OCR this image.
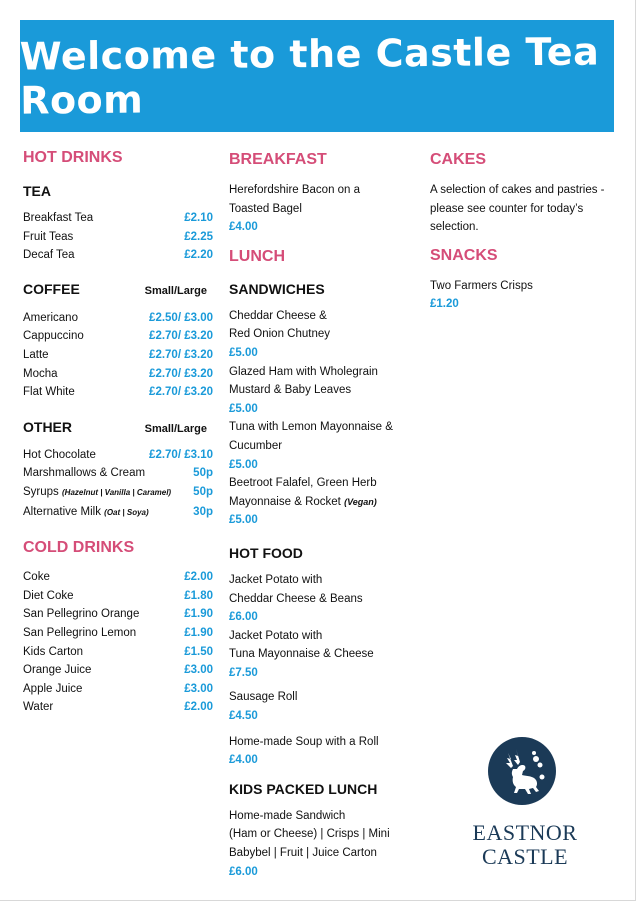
Welcome to the Castle Tea Room
HOT DRINKS
TEA
Breakfast Tea	£2.10
Fruit Teas	£2.25
Decaf Tea	£2.20
COFFEE	Small/Large
Americano	£2.50/ £3.00
Cappuccino	£2.70/ £3.20
Latte	£2.70/ £3.20
Mocha	£2.70/ £3.20
Flat White	£2.70/ £3.20
OTHER	Small/Large
Hot Chocolate	£2.70/ £3.10
Marshmallows & Cream	50p
Syrups (Hazelnut | Vanilla | Caramel) 50p
Alternative Milk (Oat | Soya)	30p
COLD DRINKS
Coke	£2.00
Diet Coke	£1.80
San Pellegrino Orange	£1.90
San Pellegrino Lemon	£1.90
Kids Carton	£1.50
Orange Juice	£3.00
Apple Juice	£3.00
Water	£2.00
BREAKFAST
Herefordshire Bacon on a
Toasted Bagel
£4.00
LUNCH
SANDWICHES
Cheddar Cheese &
Red Onion Chutney
£5.00
Glazed Ham with Wholegrain
Mustard & Baby Leaves
£5.00
Tuna with Lemon Mayonnaise &
Cucumber
£5.00
Beetroot Falafel, Green Herb
Mayonnaise & Rocket (Vegan)
£5.00
HOT FOOD
Jacket Potato with
Cheddar Cheese & Beans
£6.00
Jacket Potato with
Tuna Mayonnaise & Cheese
£7.50
Sausage Roll
£4.50
Home-made Soup with a Roll
£4.00
KIDS PACKED LUNCH
Home-made Sandwich
(Ham or Cheese) | Crisps | Mini
Babybel | Fruit | Juice Carton
£6.00
CAKES
A selection of cakes and pastries -
please see counter for today’s
selection.
SNACKS
Two Farmers Crisps
£1.20
EASTNOR
CASTLE
